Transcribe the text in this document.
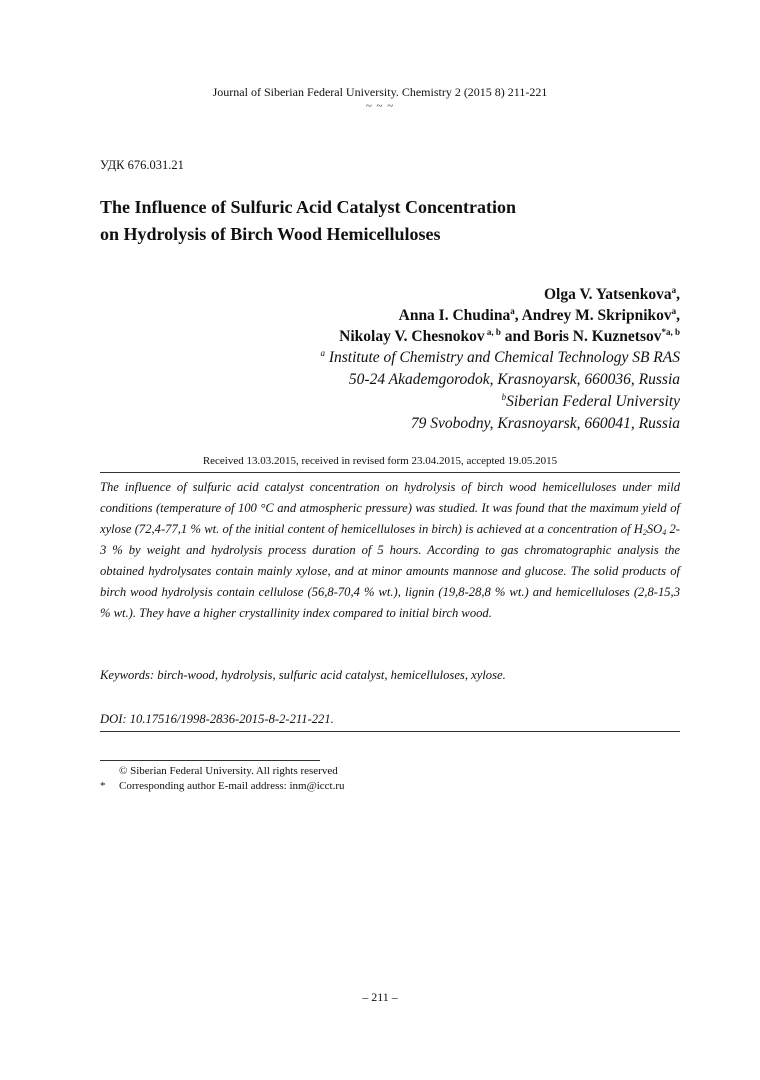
Journal of Siberian Federal University. Chemistry 2 (2015 8) 211-221
~ ~ ~
УДК 676.031.21
The Influence of Sulfuric Acid Catalyst Concentration
on Hydrolysis of Birch Wood Hemicelluloses
Olga V. Yatsenkova$^a$,
Anna I. Chudina$^a$, Andrey M. Skripnikov$^a$,
Nikolay V. Chesnokov $^{a, b}$ and Boris N. Kuznetsov$^{*a, b}$
$^a$ Institute of Chemistry and Chemical Technology SB RAS
50-24 Akademgorodok, Krasnoyarsk, 660036, Russia
$^b$Siberian Federal University
79 Svobodny, Krasnoyarsk, 660041, Russia
Received 13.03.2015, received in revised form 23.04.2015, accepted 19.05.2015
The influence of sulfuric acid catalyst concentration on hydrolysis of birch wood hemicelluloses under mild conditions (temperature of 100 °C and atmospheric pressure) was studied. It was found that the maximum yield of xylose (72,4-77,1 % wt. of the initial content of hemicelluloses in birch) is achieved at a concentration of $H_2SO_4$ 2-3 % by weight and hydrolysis process duration of 5 hours. According to gas chromatographic analysis the obtained hydrolysates contain mainly xylose, and at minor amounts mannose and glucose. The solid products of birch wood hydrolysis contain cellulose (56,8-70,4 % wt.), lignin (19,8-28,8 % wt.) and hemicelluloses (2,8-15,3 % wt.). They have a higher crystallinity index compared to initial birch wood.
Keywords: birch-wood, hydrolysis, sulfuric acid catalyst, hemicelluloses, xylose.
DOI: 10.17516/1998-2836-2015-8-2-211-221.
© Siberian Federal University. All rights reserved
* Corresponding author E-mail address: inm@icct.ru
– 211 –
